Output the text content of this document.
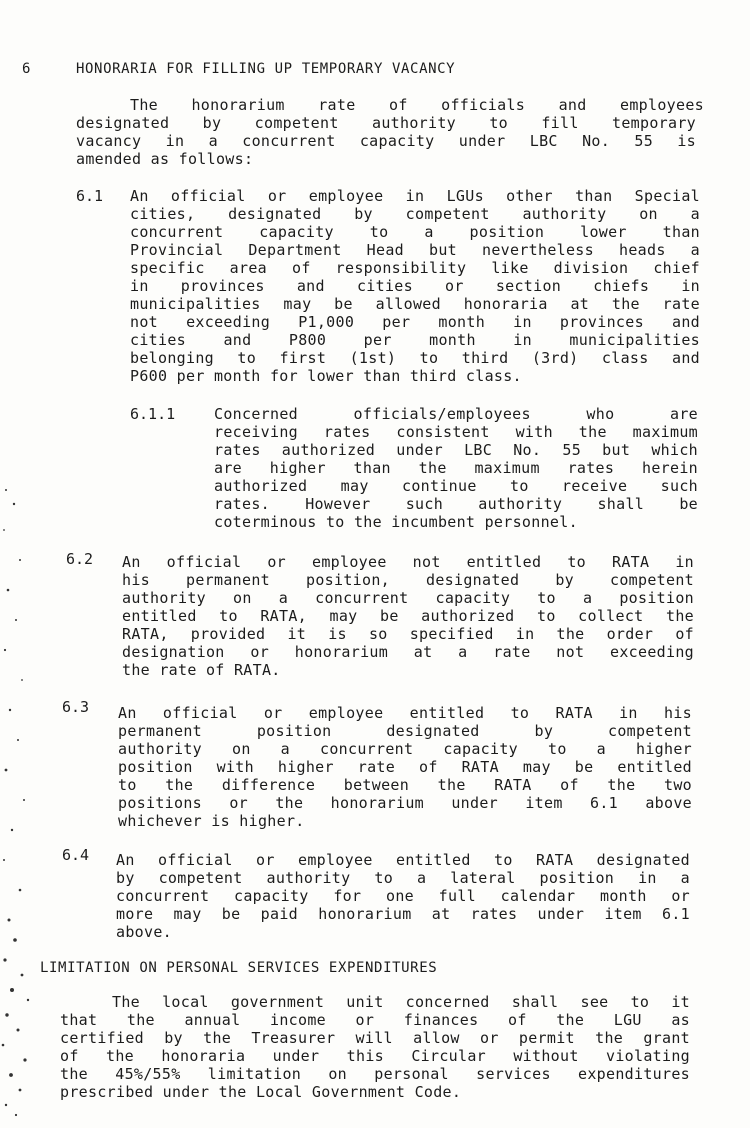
6	HONORARIA FOR FILLING UP TEMPORARY VACANCY
The honorarium rate of officials and employees
designated by competent authority to fill temporary
vacancy in a concurrent capacity under LBC No. 55 is
amended as follows:
6.1 An official or employee in LGUs other than Special
cities, designated by competent authority on a
concurrent capacity to a position lower than
Provincial Department Head but nevertheless heads a
specific area of responsibility like division chief
in provinces and cities or section chiefs in
municipalities may be allowed honoraria at the rate
not exceeding P1,000 per month in provinces and
cities and P800 per month in municipalities
belonging to first (1st) to third (3rd) class and
P600 per month for lower than third class.
6.1.1	Concerned officials/employees who are
receiving rates consistent with the maximum
rates authorized under LBC No. 55 but which
are higher than the maximum rates herein
authorized may continue to receive such
rates. However such authority shall be
coterminous to the incumbent personnel.
6.2 An official or employee not entitled to RATA in
his permanent position, designated by competent
authority on a concurrent capacity to a position
entitled to RATA, may be authorized to collect the
RATA, provided it is so specified in the order of
designation or honorarium at a rate not exceeding
the rate of RATA.
6.3 An official or employee entitled to RATA in his
permanent position designated by competent
authority on a concurrent capacity to a higher
position with higher rate of RATA may be entitled
to the difference between the RATA of the two
positions or the honorarium under item 6.1 above
whichever is higher.
6.4 An official or employee entitled to RATA designated
by competent authority to a lateral position in a
concurrent capacity for one full calendar month or
more may be paid honorarium at rates under item 6.1
above.
LIMITATION ON PERSONAL SERVICES EXPENDITURES
The local government unit concerned shall see to it
that the annual income or finances of the LGU as
certified by the Treasurer will allow or permit the grant
of the honoraria under this Circular without violating
the 45%/55% limitation on personal services expenditures
prescribed under the Local Government Code.
